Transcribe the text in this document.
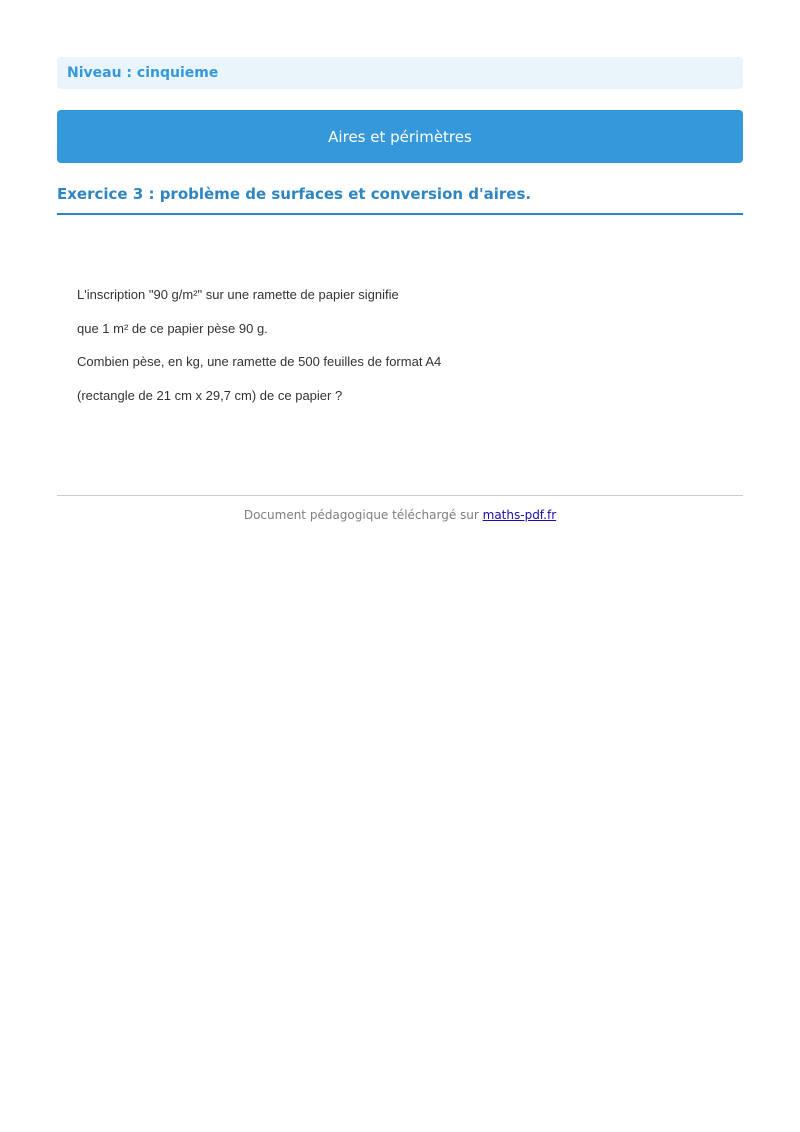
Niveau : cinquieme
Aires et périmètres
Exercice 3 : problème de surfaces et conversion d'aires.

L'inscription "90 g/m²" sur une ramette de papier signifie

que 1 m² de ce papier pèse 90 g.

Combien pèse, en kg, une ramette de 500 feuilles de format A4

(rectangle de 21 cm x 29,7 cm) de ce papier ?

Document pédagogique téléchargé sur maths-pdf.fr
